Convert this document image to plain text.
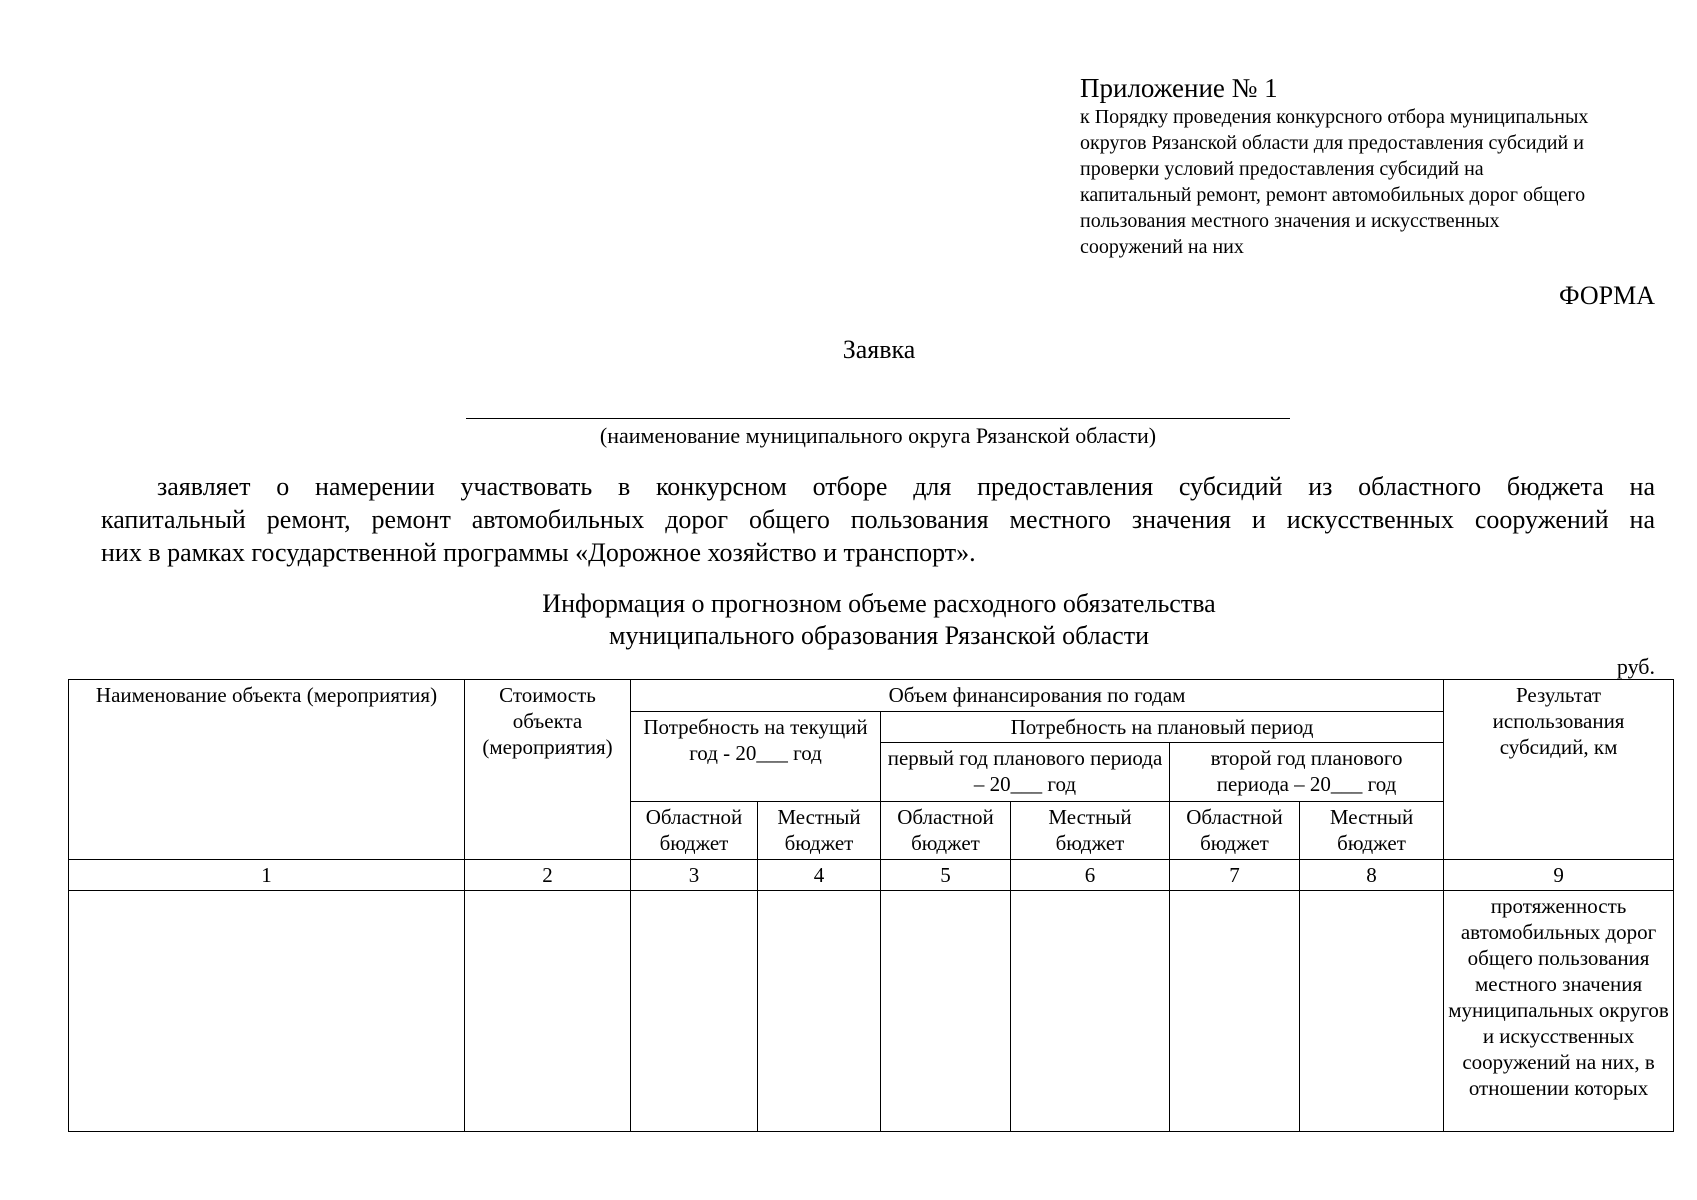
Приложение № 1

к Порядку проведения конкурсного отбора муниципальных

округов Рязанской области для предоставления субсидий и

проверки условий предоставления субсидий на

капитальный ремонт, ремонт автомобильных дорог общего

пользования местного значения и искусственных

сооружений на них

ФОРМА
Заявка
(наименование муниципального округа Рязанской области)

заявляет о намерении участвовать в конкурсном отборе для предоставления субсидий из областного бюджета на
капитальный ремонт, ремонт автомобильных дорог общего пользования местного значения и искусственных сооружений на
них в рамках государственной программы «Дорожное хозяйство и транспорт».

Информация о прогнозном объеме расходного обязательства
муниципального образования Рязанской области
руб.
Наименование объекта (мероприятия)	Стоимость объекта (мероприятия)	Объем финансирования по годам						Результат использования субсидий, км
		Потребность на текущий год - 20___ год		Потребность на плановый период				
				первый год планового периода – 20___ год		второй год планового периода – 20___ год		
		Областной бюджет	Местный бюджет	Областной бюджет	Местный бюджет	Областной бюджет	Местный бюджет	
1	2	3	4	5	6	7	8	9
								протяженность автомобильных дорог общего пользования местного значения муниципальных округов и искусственных сооружений на них, в отношении которых
